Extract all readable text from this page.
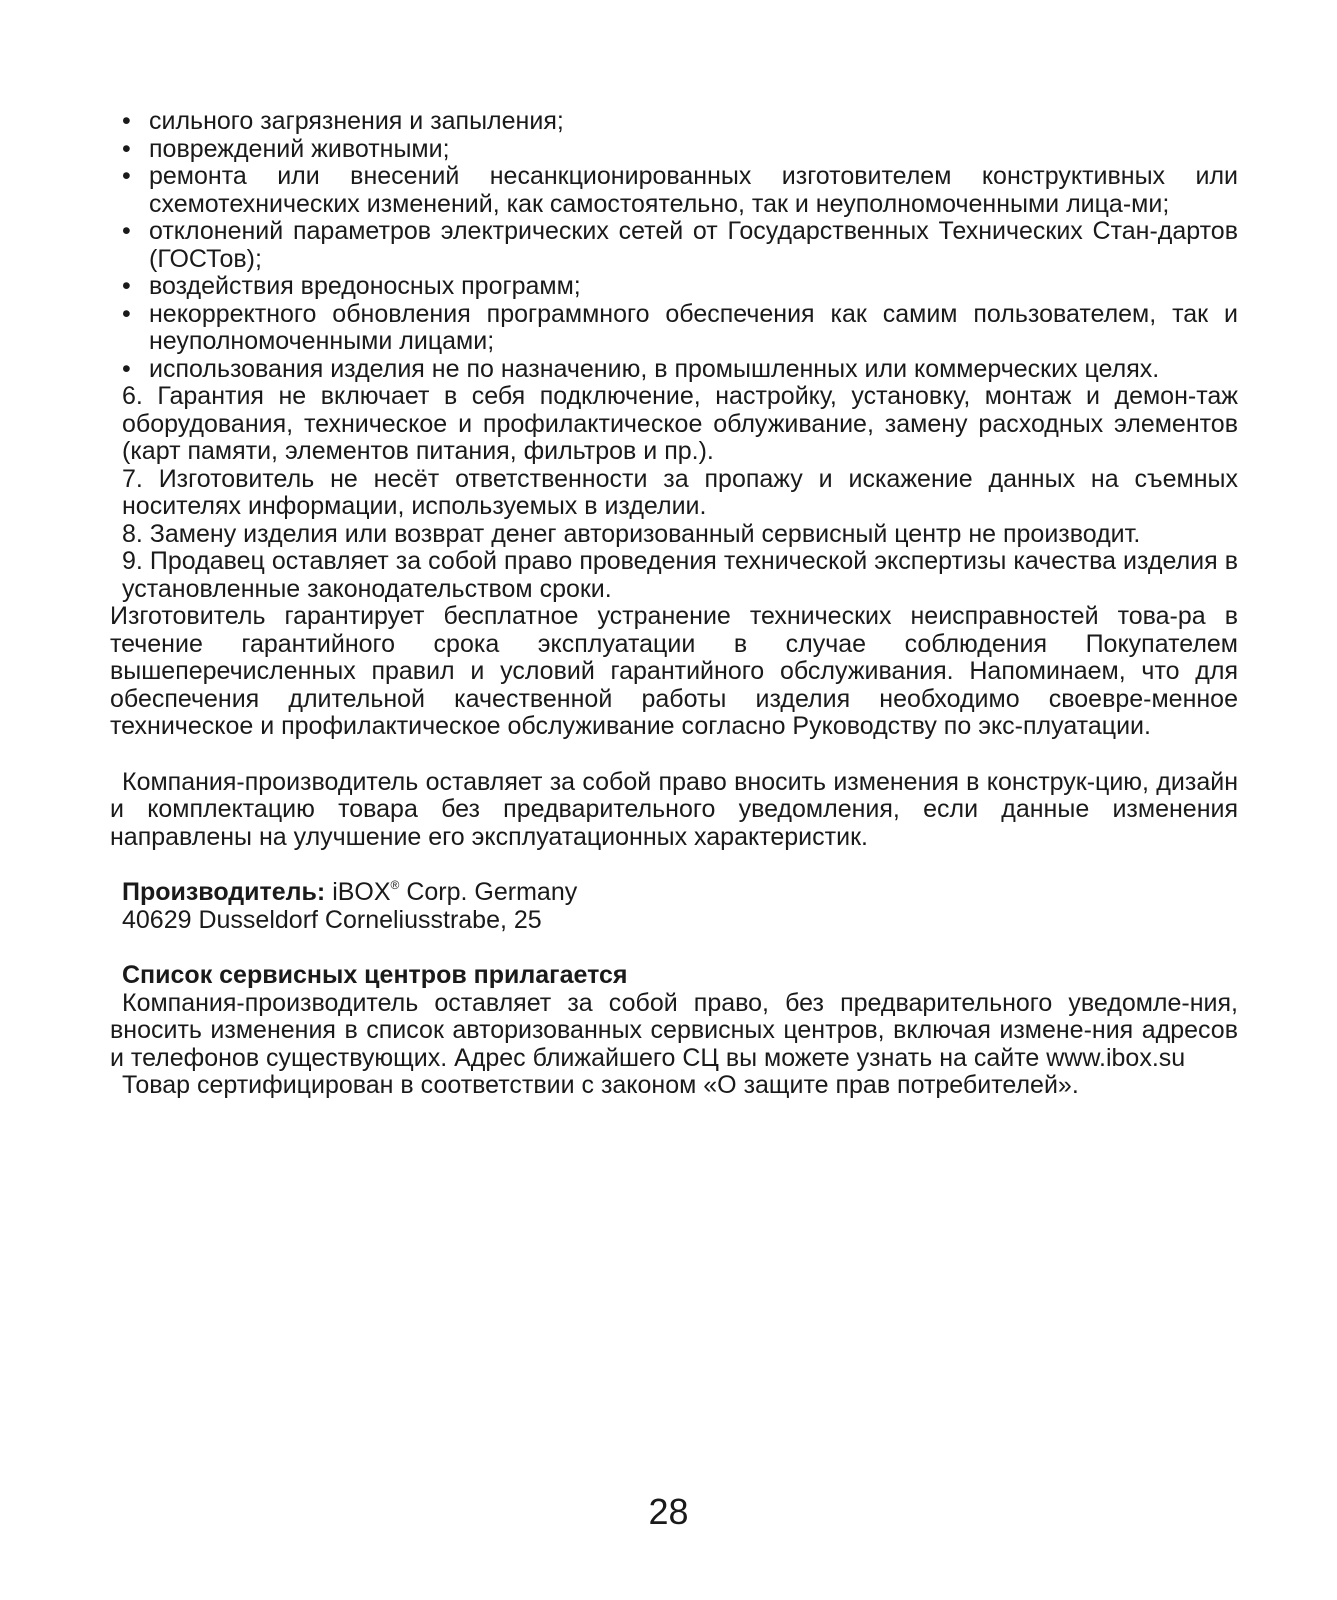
• сильного загрязнения и запыления;
• повреждений животными;
• ремонта или внесений несанкционированных изготовителем конструктивных или схемотехнических изменений, как самостоятельно, так и неуполномоченными лица-ми;
• отклонений параметров электрических сетей от Государственных Технических Стан-дартов (ГОСТов);
• воздействия вредоносных программ;
• некорректного обновления программного обеспечения как самим пользователем, так и неуполномоченными лицами;
• использования изделия не по назначению, в промышленных или коммерческих целях.

6. Гарантия не включает в себя подключение, настройку, установку, монтаж и демон-таж оборудования, техническое и профилактическое облуживание, замену расходных элементов (карт памяти, элементов питания, фильтров и пр.).

7. Изготовитель не несёт ответственности за пропажу и искажение данных на съемных носителях информации, используемых в изделии.

8. Замену изделия или возврат денег авторизованный сервисный центр не производит.

9. Продавец оставляет за собой право проведения технической экспертизы качества изделия в установленные законодательством сроки.

Изготовитель гарантирует бесплатное устранение технических неисправностей това-ра в течение гарантийного срока эксплуатации в случае соблюдения Покупателем вышеперечисленных правил и условий гарантийного обслуживания. Напоминаем, что для обеспечения длительной качественной работы изделия необходимо своевре-менное техническое и профилактическое обслуживание согласно Руководству по экс-плуатации.

Компания-производитель оставляет за собой право вносить изменения в конструк-цию, дизайн и комплектацию товара без предварительного уведомления, если данные изменения направлены на улучшение его эксплуатационных характеристик.

Производитель: iBOX® Corp. Germany

40629 Dusseldorf Corneliusstrabe, 25

Список сервисных центров прилагается

Компания-производитель оставляет за собой право, без предварительного уведомле-ния, вносить изменения в список авторизованных сервисных центров, включая измене-ния адресов и телефонов существующих. Адрес ближайшего СЦ вы можете узнать на сайте www.ibox.su

Товар сертифицирован в соответствии с законом «О защите прав потребителей».

28
